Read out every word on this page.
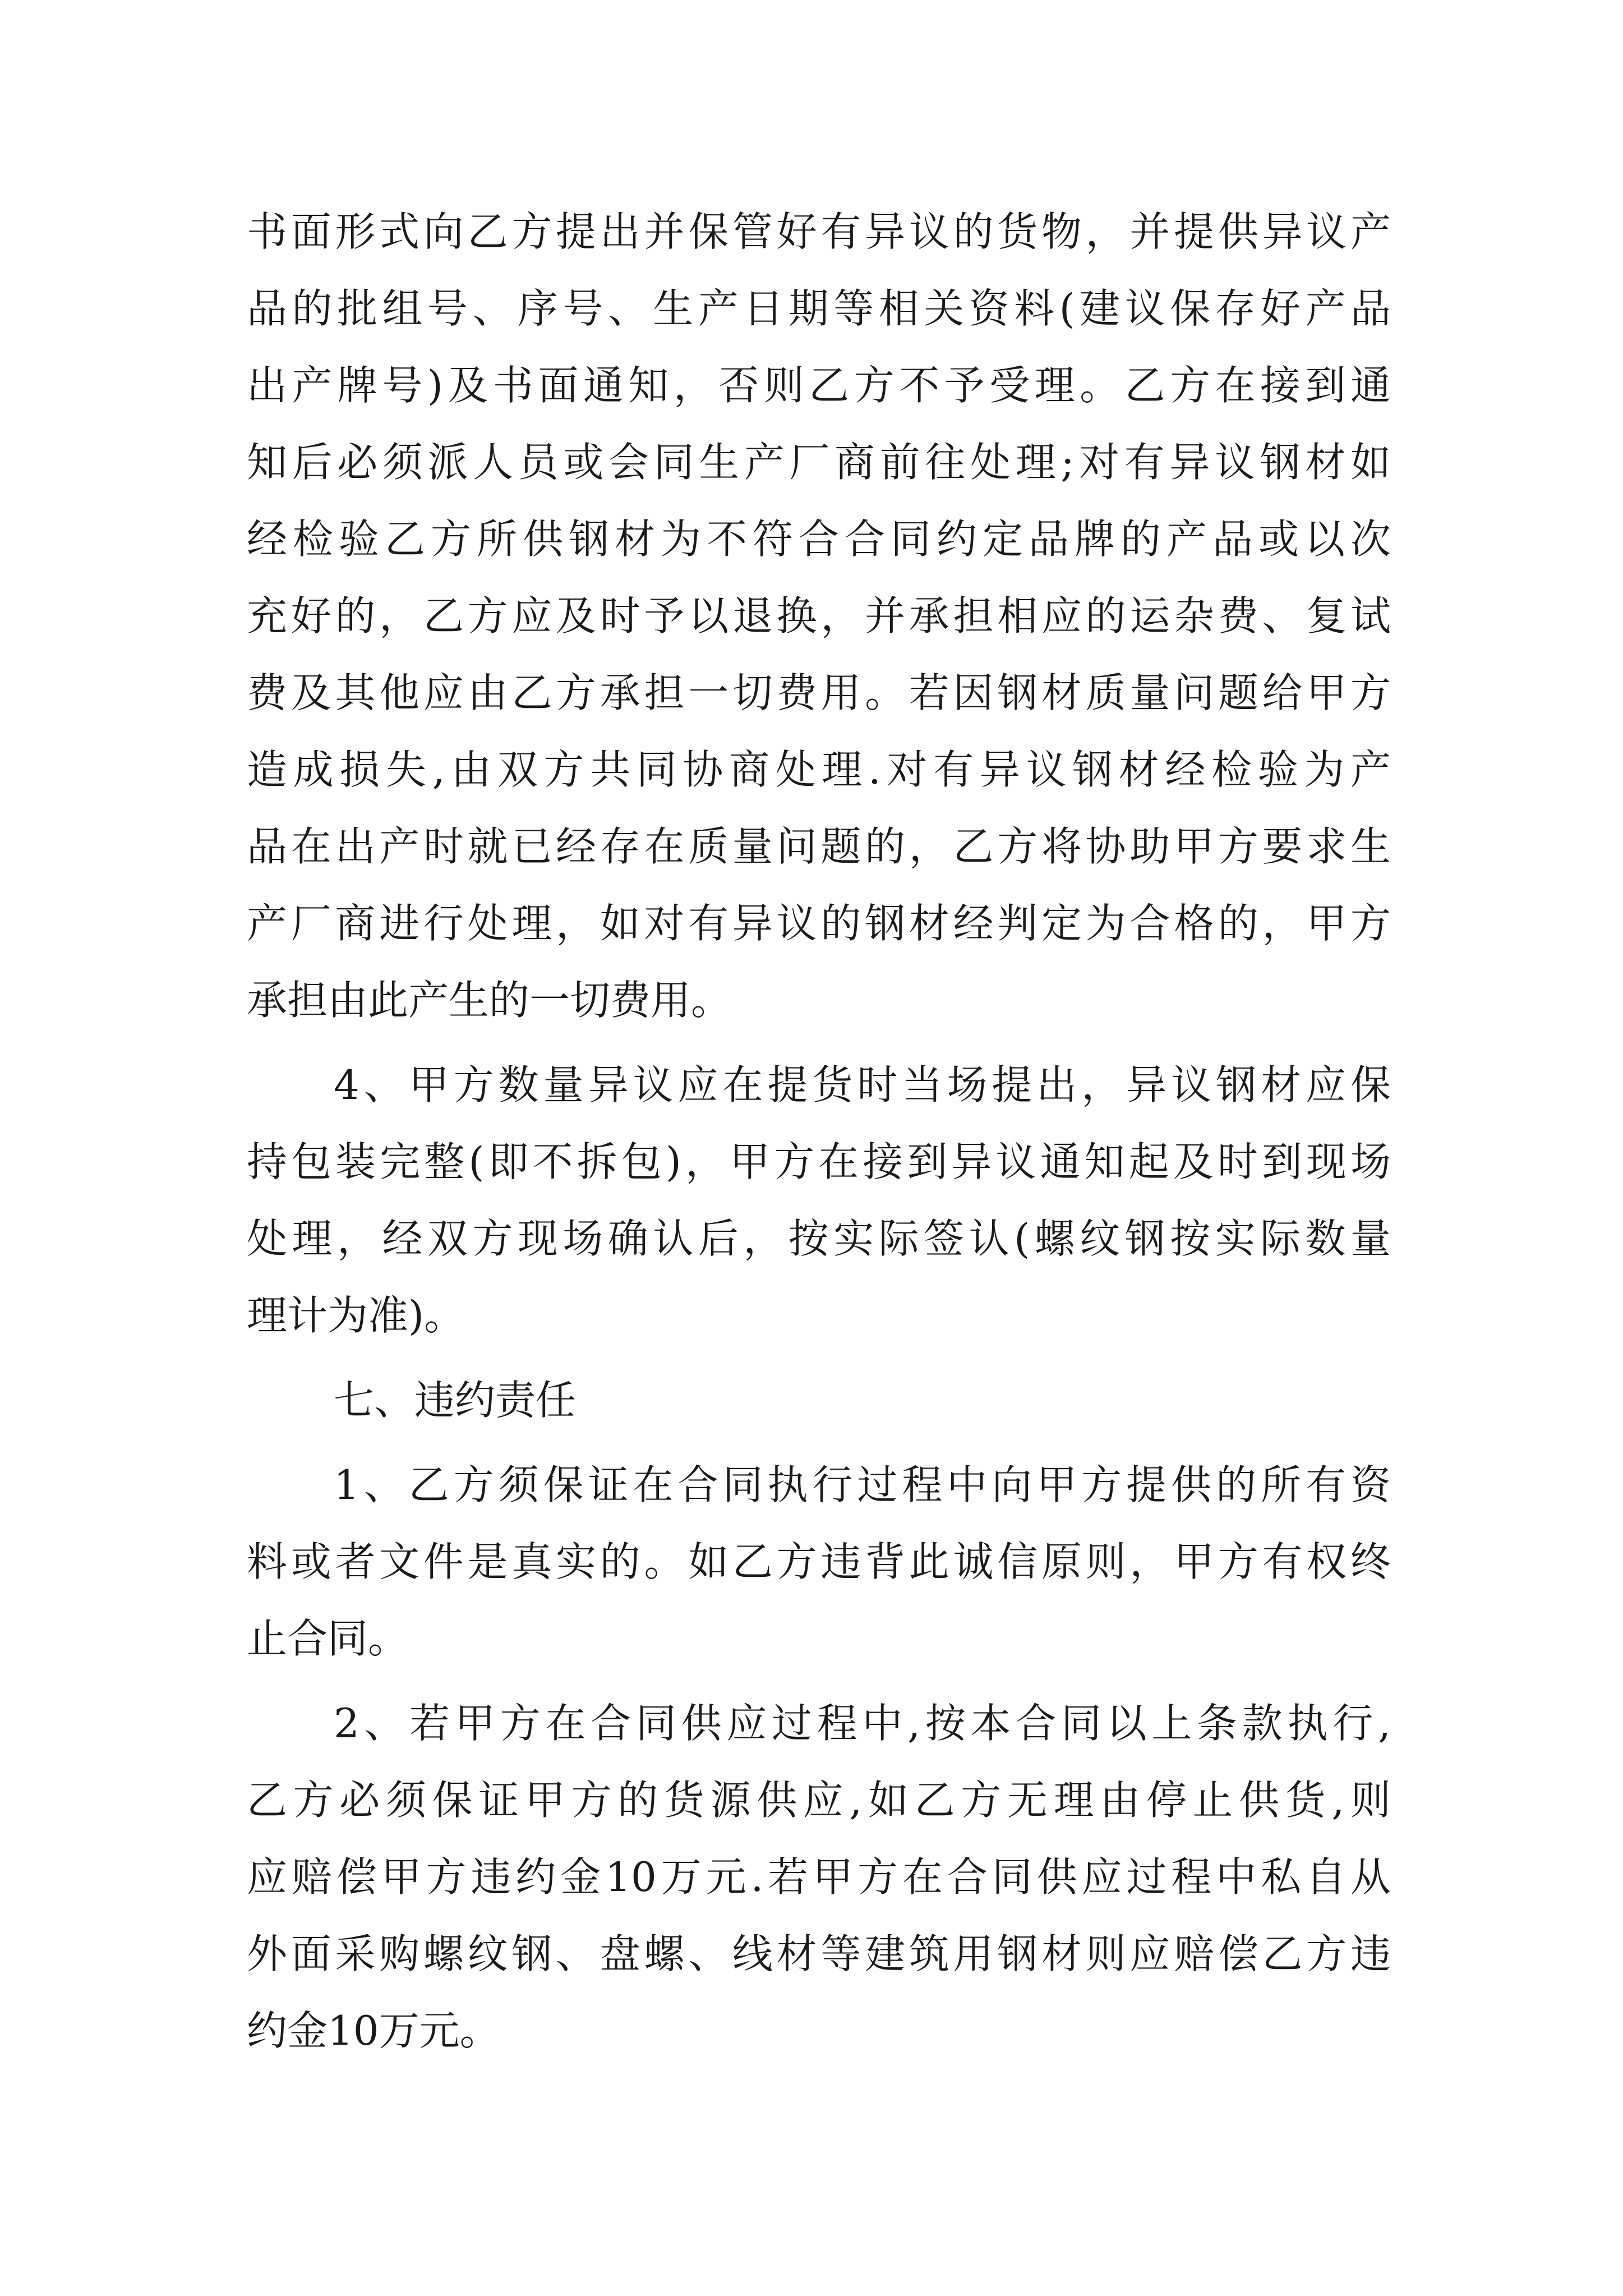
书面形式向乙方提出并保管好有异议的货物，并提供异议产
品的批组号、序号、生产日期等相关资料(建议保存好产品
出产牌号)及书面通知，否则乙方不予受理。乙方在接到通
知后必须派人员或会同生产厂商前往处理;对有异议钢材如
经检验乙方所供钢材为不符合合同约定品牌的产品或以次
充好的，乙方应及时予以退换，并承担相应的运杂费、复试
费及其他应由乙方承担一切费用。若因钢材质量问题给甲方
造成损失,由双方共同协商处理.对有异议钢材经检验为产
品在出产时就已经存在质量问题的，乙方将协助甲方要求生
产厂商进行处理，如对有异议的钢材经判定为合格的，甲方
承担由此产生的一切费用。
4、甲方数量异议应在提货时当场提出，异议钢材应保
持包装完整(即不拆包)，甲方在接到异议通知起及时到现场
处理，经双方现场确认后，按实际签认(螺纹钢按实际数量
理计为准)。
七、违约责任
1、乙方须保证在合同执行过程中向甲方提供的所有资
料或者文件是真实的。如乙方违背此诚信原则，甲方有权终
止合同。
2、若甲方在合同供应过程中,按本合同以上条款执行,
乙方必须保证甲方的货源供应,如乙方无理由停止供货,则
应赔偿甲方违约金10万元.若甲方在合同供应过程中私自从
外面采购螺纹钢、盘螺、线材等建筑用钢材则应赔偿乙方违
约金10万元。
